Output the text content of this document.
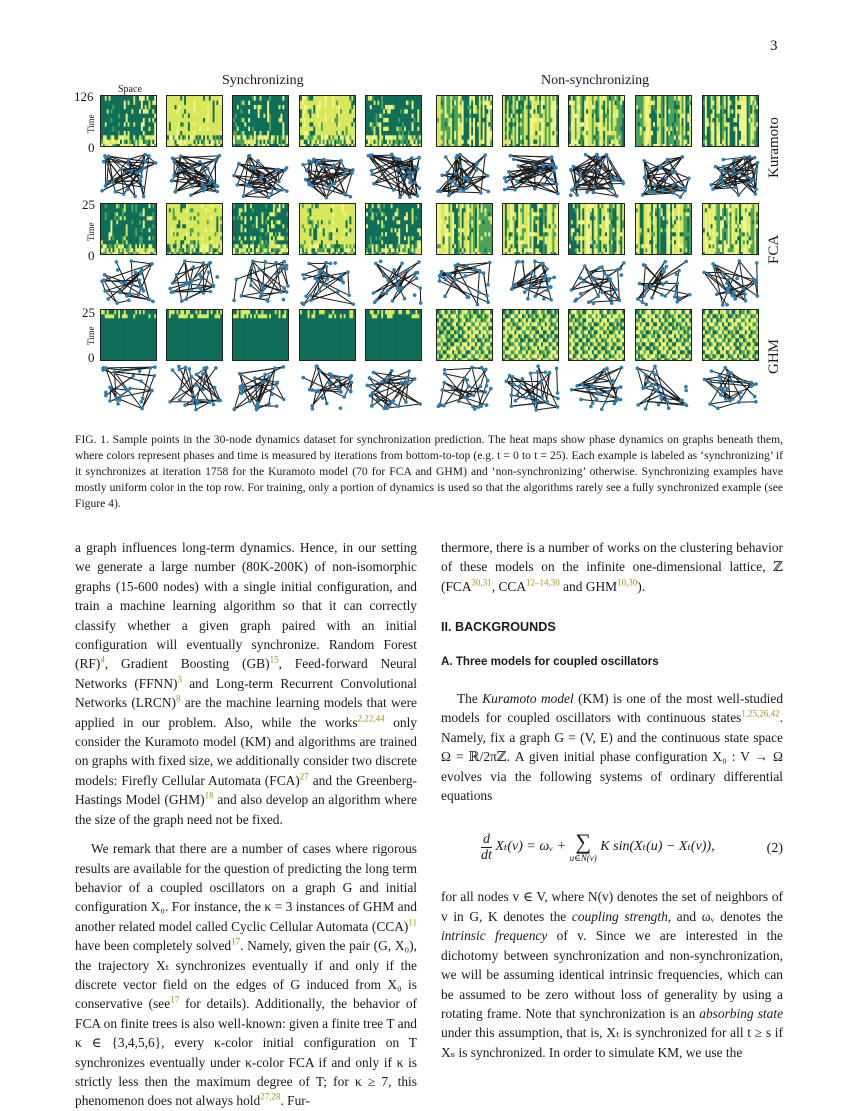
3
Synchronizing	Non-synchronizing
Space
126
0
Time	Kuramoto
25
0
Time
FCA
25
0
Time
GHM
FIG. 1. Sample points in the 30-node dynamics dataset for synchronization prediction. The heat maps show phase dynamics on graphs beneath them, where colors represent phases and time is measured by iterations from bottom-to-top (e.g. t = 0 to t = 25). Each example is labeled as ‘synchronizing’ if it synchronizes at iteration 1758 for the Kuramoto model (70 for FCA and GHM) and ‘non-synchronizing’ otherwise. Synchronizing examples have mostly uniform color in the top row. For training, only a portion of dynamics is used so that the algorithms rarely see a fully synchronized example (see Figure 4).

a graph influences long-term dynamics. Hence, in our setting we generate a large number (80K-200K) of non-isomorphic graphs (15-600 nodes) with a single initial configuration, and train a machine learning algorithm so that it can correctly classify whether a given graph paired with an initial configuration will eventually synchronize. Random Forest (RF)$^4$, Gradient Boosting (GB)$^{15}$, Feed-forward Neural Networks (FFNN)$^3$ and Long-term Recurrent Convolutional Networks (LRCN)$^8$ are the machine learning models that were applied in our problem. Also, while the works$^{2,22,44}$ only consider the Kuramoto model (KM) and algorithms are trained on graphs with fixed size, we additionally consider two discrete models: Firefly Cellular Automata (FCA)$^{27}$ and the Greenberg-Hastings Model (GHM)$^{18}$ and also develop an algorithm where the size of the graph need not be fixed.

We remark that there are a number of cases where rigorous results are available for the question of predicting the long term behavior of a coupled oscillators on a graph G and initial configuration X₀. For instance, the κ = 3 instances of GHM and another related model called Cyclic Cellular Automata (CCA)$^{11}$ have been completely solved$^{17}$. Namely, given the pair (G, X₀), the trajectory Xₜ synchronizes eventually if and only if the discrete vector field on the edges of G induced from X₀ is conservative (see$^{17}$ for details). Additionally, the behavior of FCA on finite trees is also well-known: given a finite tree T and κ ∈ {3,4,5,6}, every κ-color initial configuration on T synchronizes eventually under κ-color FCA if and only if κ is strictly less then the maximum degree of T; for κ ≥ 7, this phenomenon does not always hold$^{27,28}$. Fur-

thermore, there is a number of works on the clustering behavior of these models on the infinite one-dimensional lattice, ℤ (FCA$^{30,31}$, CCA$^{12-14,30}$ and GHM$^{10,30}$).

II. BACKGROUNDS

A. Three models for coupled oscillators

The Kuramoto model (KM) is one of the most well-studied models for coupled oscillators with continuous states$^{1,25,26,42}$. Namely, fix a graph G = (V, E) and the continuous state space Ω = ℝ/2πℤ. A given initial phase configuration X₀ : V → Ω evolves via the following systems of ordinary differential equations

$\frac{d}{dt} X_t(v)$ = ωᵥ + ∑
u∈N(v)
K sin(Xₜ(u) − Xₜ(v)),	(2)

for all nodes v ∈ V, where N(v) denotes the set of neighbors of v in G, K denotes the coupling strength, and ωᵥ denotes the intrinsic frequency of v. Since we are interested in the dichotomy between synchronization and non-synchronization, we will be assuming identical intrinsic frequencies, which can be assumed to be zero without loss of generality by using a rotating frame. Note that synchronization is an absorbing state under this assumption, that is, Xₜ is synchronized for all t ≥ s if Xₛ is synchronized. In order to simulate KM, we use the
